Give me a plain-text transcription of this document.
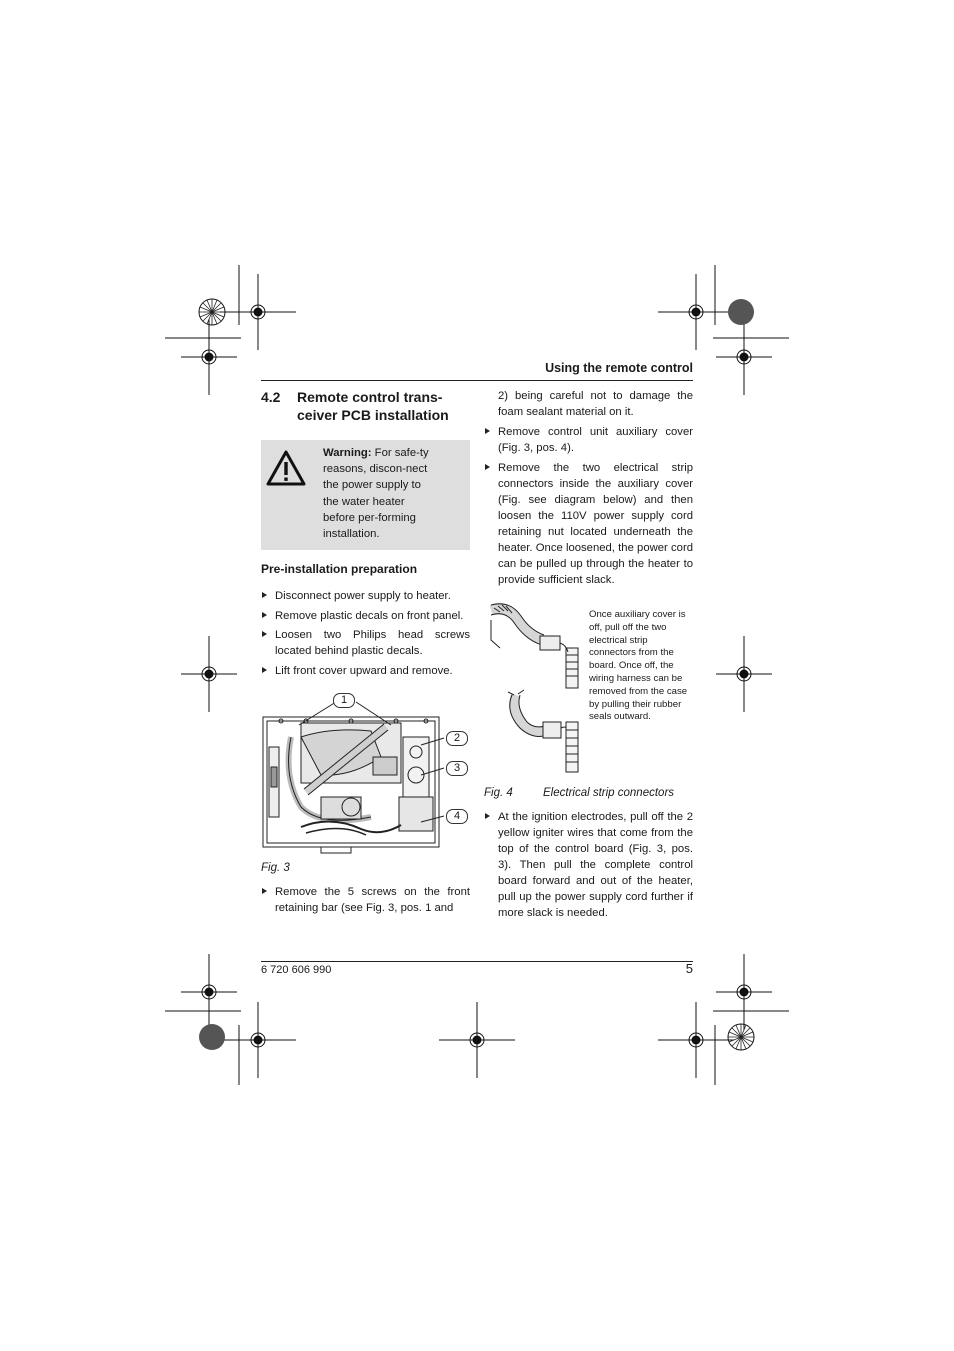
Using the remote control
4.2	Remote control trans-ceiver PCB installation
Warning: For safe-ty reasons, discon-nect the power supply to the water heater before per-forming installation.
Pre-installation preparation
Disconnect power supply to heater.
Remove plastic decals on front panel.
Loosen two Philips head screws located behind plastic decals.
Lift front cover upward and remove.
1
2
3
4
Fig. 3
Remove the 5 screws on the front retaining bar (see Fig. 3, pos. 1 and
2) being careful not to damage the foam sealant material on it.
Remove control unit auxiliary cover (Fig. 3, pos. 4).
Remove the two electrical strip connectors inside the auxiliary cover (Fig. see diagram below) and then loosen the 110V power supply cord retaining nut located underneath the heater. Once loosened, the power cord can be pulled up through the heater to provide sufficient slack.
Once auxiliary cover is off, pull off the two electrical strip connectors from the board. Once off, the wiring harness can be removed from the case by pulling their rubber seals outward.
Fig. 4	Electrical strip connectors
At the ignition electrodes, pull off the 2 yellow igniter wires that come from the top of the control board (Fig. 3, pos. 3). Then pull the complete control board forward and out of the heater, pull up the power supply cord further if more slack is needed.
6 720 606 990	5
